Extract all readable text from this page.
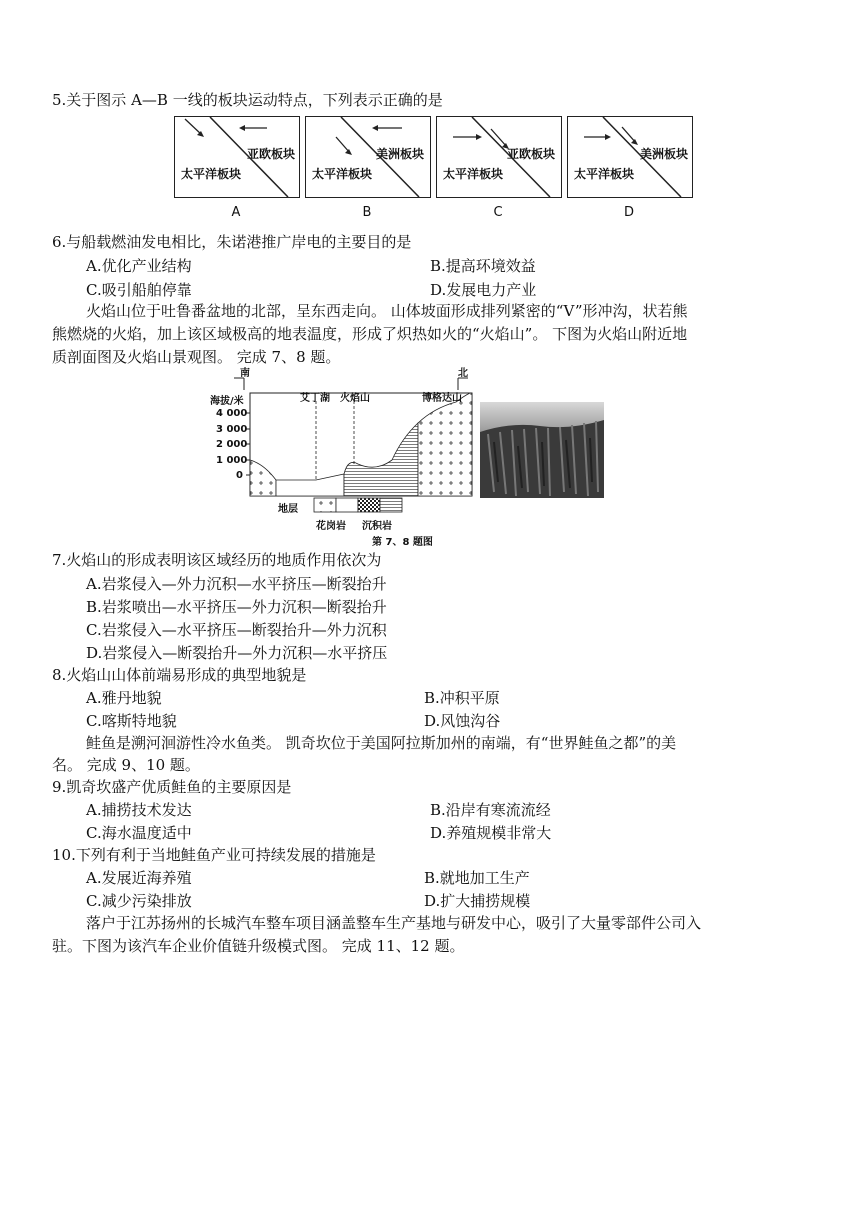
5.关于图示 A—B 一线的板块运动特点，下列表示正确的是
亚欧板块
太平洋板块
美洲板块
太平洋板块
亚欧板块
太平洋板块
美洲板块
太平洋板块
A	B	C	D
6.与船载燃油发电相比，朱诺港推广岸电的主要目的是
A.优化产业结构	B.提高环境效益
C.吸引船舶停靠	D.发展电力产业
火焰山位于吐鲁番盆地的北部，呈东西走向。 山体坡面形成排列紧密的“V”形冲沟，状若熊
熊燃烧的火焰，加上该区域极高的地表温度，形成了炽热如火的“火焰山”。 下图为火焰山附近地
质剖面图及火焰山景观图。 完成 7、8 题。
南	北
海拔/米
4 000
3 000
2 000
1 000
0
艾丁湖 火焰山	博格达山
地层
花岗岩 沉积岩
第 7、8 题图
7.火焰山的形成表明该区域经历的地质作用依次为
A.岩浆侵入—外力沉积—水平挤压—断裂抬升
B.岩浆喷出—水平挤压—外力沉积—断裂抬升
C.岩浆侵入—水平挤压—断裂抬升—外力沉积
D.岩浆侵入—断裂抬升—外力沉积—水平挤压
8.火焰山山体前端易形成的典型地貌是
A.雅丹地貌	B.冲积平原
C.喀斯特地貌	D.风蚀沟谷
鲑鱼是溯河洄游性冷水鱼类。 凯奇坎位于美国阿拉斯加州的南端，有“世界鲑鱼之都”的美
名。 完成 9、10 题。
9.凯奇坎盛产优质鲑鱼的主要原因是
A.捕捞技术发达	B.沿岸有寒流流经
C.海水温度适中	D.养殖规模非常大
10.下列有利于当地鲑鱼产业可持续发展的措施是
A.发展近海养殖	B.就地加工生产
C.减少污染排放	D.扩大捕捞规模
落户于江苏扬州的长城汽车整车项目涵盖整车生产基地与研发中心，吸引了大量零部件公司入
驻。下图为该汽车企业价值链升级模式图。 完成 11、12 题。
